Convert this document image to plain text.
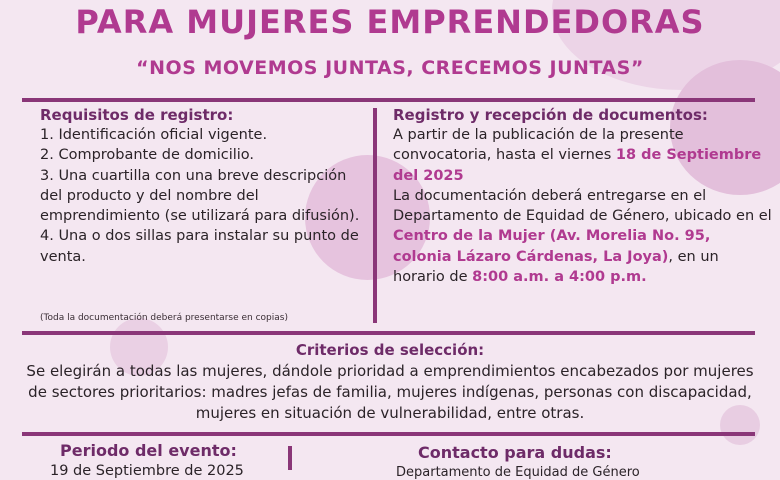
PARA MUJERES EMPRENDEDORAS
“NOS MOVEMOS JUNTAS, CRECEMOS JUNTAS”
Requisitos de registro:

1. Identificación oficial vigente.

2. Comprobante de domicilio.

3. Una cuartilla con una breve descripción del producto y del nombre del emprendimiento (se utilizará para difusión).

4. Una o dos sillas para instalar su punto de venta.

(Toda la documentación deberá presentarse en copias)
Registro y recepción de documentos:

A partir de la publicación de la presente convocatoria, hasta el viernes 18 de Septiembre del 2025

La documentación deberá entregarse en el Departamento de Equidad de Género, ubicado en el Centro de la Mujer (Av. Morelia No. 95, colonia Lázaro Cárdenas, La Joya), en un horario de 8:00 a.m. a 4:00 p.m.

Criterios de selección:

Se elegirán a todas las mujeres, dándole prioridad a emprendimientos encabezados por mujeres de sectores prioritarios: madres jefas de familia, mujeres indígenas, personas con discapacidad, mujeres en situación de vulnerabilidad, entre otras.

Periodo del evento:
19 de Septiembre de 2025
Contacto para dudas:
Departamento de Equidad de Género
